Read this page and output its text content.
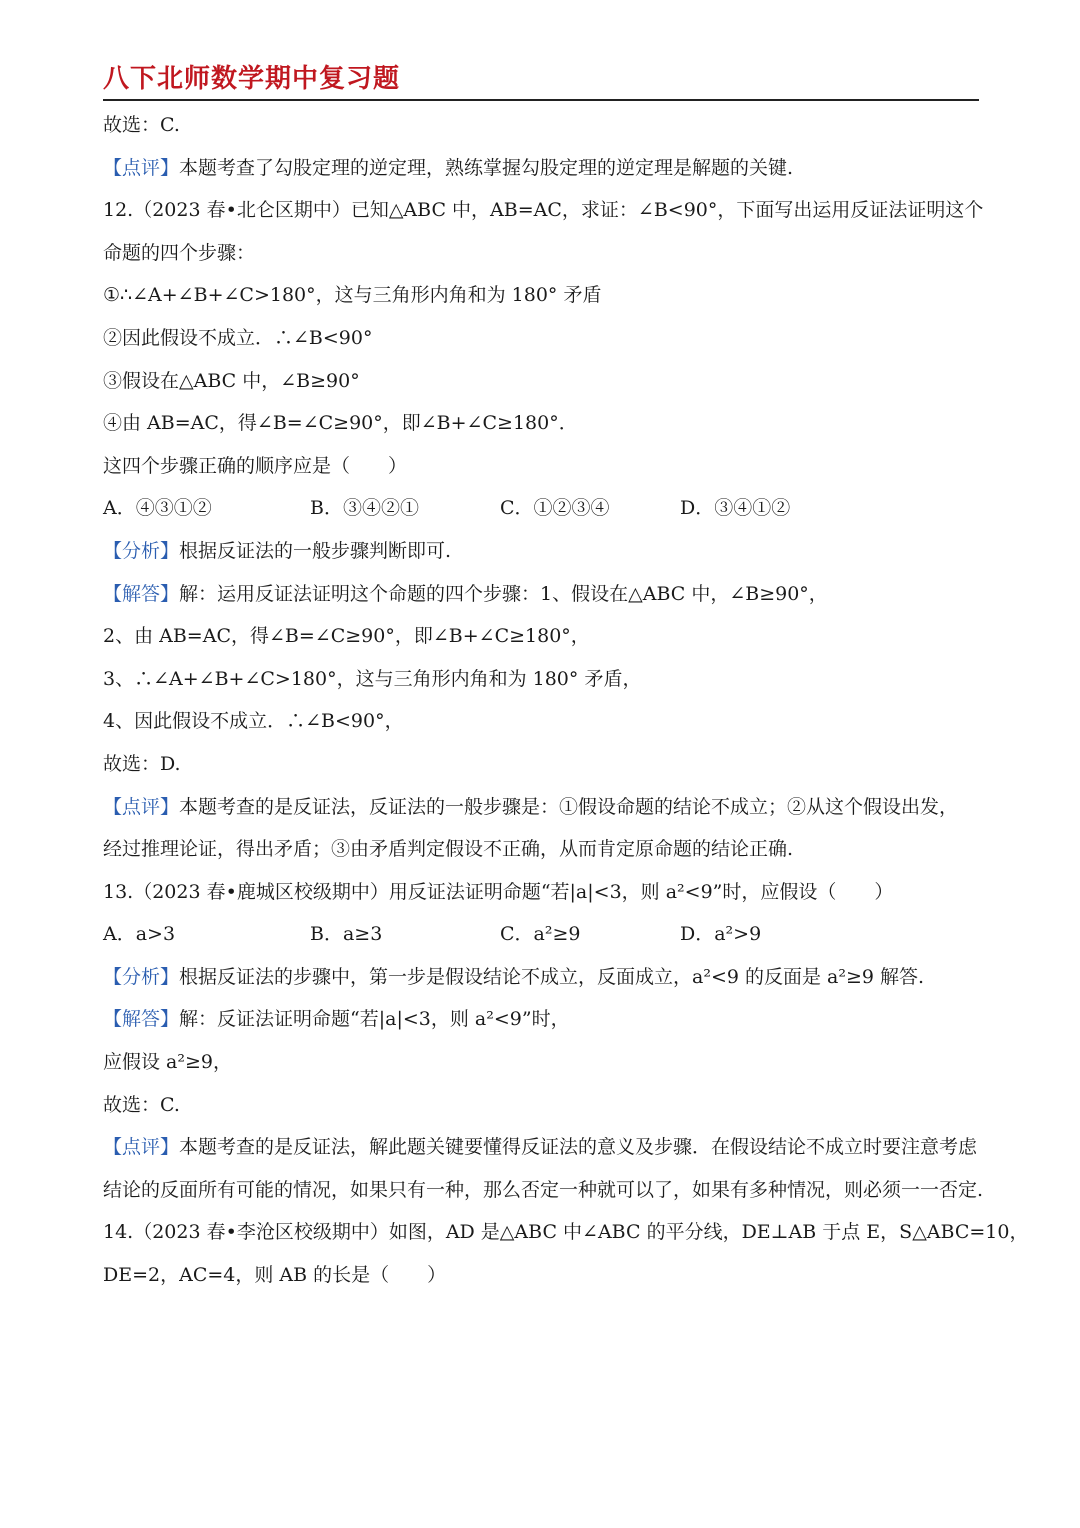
八下北师数学期中复习题
故选：C.
【点评】本题考查了勾股定理的逆定理，熟练掌握勾股定理的逆定理是解题的关键.
12.（2023 春•北仑区期中）已知△ABC 中，AB=AC，求证：∠B<90°，下面写出运用反证法证明这个
命题的四个步骤：
①∴∠A+∠B+∠C>180°，这与三角形内角和为 180° 矛盾
②因此假设不成立．∴∠B<90°
③假设在△ABC 中，∠B≥90°
④由 AB=AC，得∠B=∠C≥90°，即∠B+∠C≥180°．
这四个步骤正确的顺序应是（　　）
A．④③①②	B．③④②①	C．①②③④	D．③④①②
【分析】根据反证法的一般步骤判断即可.
【解答】解：运用反证法证明这个命题的四个步骤：1、假设在△ABC 中，∠B≥90°，
2、由 AB=AC，得∠B=∠C≥90°，即∠B+∠C≥180°，
3、∴∠A+∠B+∠C>180°，这与三角形内角和为 180° 矛盾，
4、因此假设不成立．∴∠B<90°，
故选：D.
【点评】本题考查的是反证法，反证法的一般步骤是：①假设命题的结论不成立；②从这个假设出发，
经过推理论证，得出矛盾；③由矛盾判定假设不正确，从而肯定原命题的结论正确.
13.（2023 春•鹿城区校级期中）用反证法证明命题“若|a|<3，则 a²<9”时，应假设（　　）
A．a>3	B．a≥3	C．a²≥9	D．a²>9
【分析】根据反证法的步骤中，第一步是假设结论不成立，反面成立，a²<9 的反面是 a²≥9 解答.
【解答】解：反证法证明命题“若|a|<3，则 a²<9”时，
应假设 a²≥9，
故选：C.
【点评】本题考查的是反证法，解此题关键要懂得反证法的意义及步骤．在假设结论不成立时要注意考虑
结论的反面所有可能的情况，如果只有一种，那么否定一种就可以了，如果有多种情况，则必须一一否定.
14.（2023 春•李沧区校级期中）如图，AD 是△ABC 中∠ABC 的平分线，DE⊥AB 于点 E，S△ABC=10，
DE=2，AC=4，则 AB 的长是（　　）
